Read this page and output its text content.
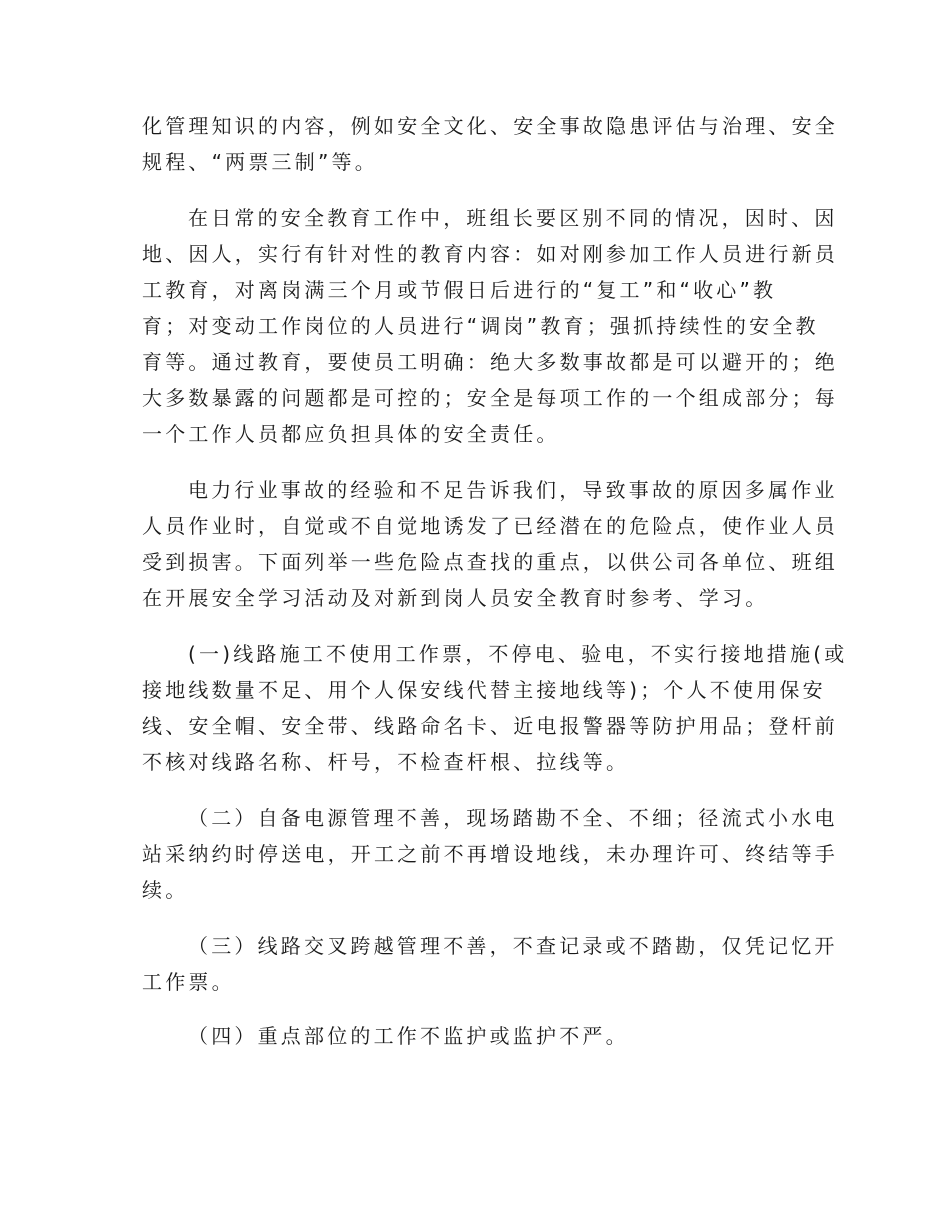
化管理知识的内容，例如安全文化、安全事故隐患评估与治理、安全
规程、“两票三制”等。
在日常的安全教育工作中，班组长要区别不同的情况，因时、因
地、因人，实行有针对性的教育内容：如对刚参加工作人员进行新员
工教育，对离岗满三个月或节假日后进行的“复工”和“收心”教
育；对变动工作岗位的人员进行“调岗”教育；强抓持续性的安全教
育等。通过教育，要使员工明确：绝大多数事故都是可以避开的；绝
大多数暴露的问题都是可控的；安全是每项工作的一个组成部分；每
一个工作人员都应负担具体的安全责任。
电力行业事故的经验和不足告诉我们，导致事故的原因多属作业
人员作业时，自觉或不自觉地诱发了已经潜在的危险点，使作业人员
受到损害。下面列举一些危险点查找的重点，以供公司各单位、班组
在开展安全学习活动及对新到岗人员安全教育时参考、学习。
(一)线路施工不使用工作票，不停电、验电，不实行接地措施(或
接地线数量不足、用个人保安线代替主接地线等)；个人不使用保安
线、安全帽、安全带、线路命名卡、近电报警器等防护用品；登杆前
不核对线路名称、杆号，不检查杆根、拉线等。
（二）自备电源管理不善，现场踏勘不全、不细；径流式小水电
站采纳约时停送电，开工之前不再增设地线，未办理许可、终结等手
续。
（三）线路交叉跨越管理不善，不查记录或不踏勘，仅凭记忆开
工作票。
（四）重点部位的工作不监护或监护不严。
